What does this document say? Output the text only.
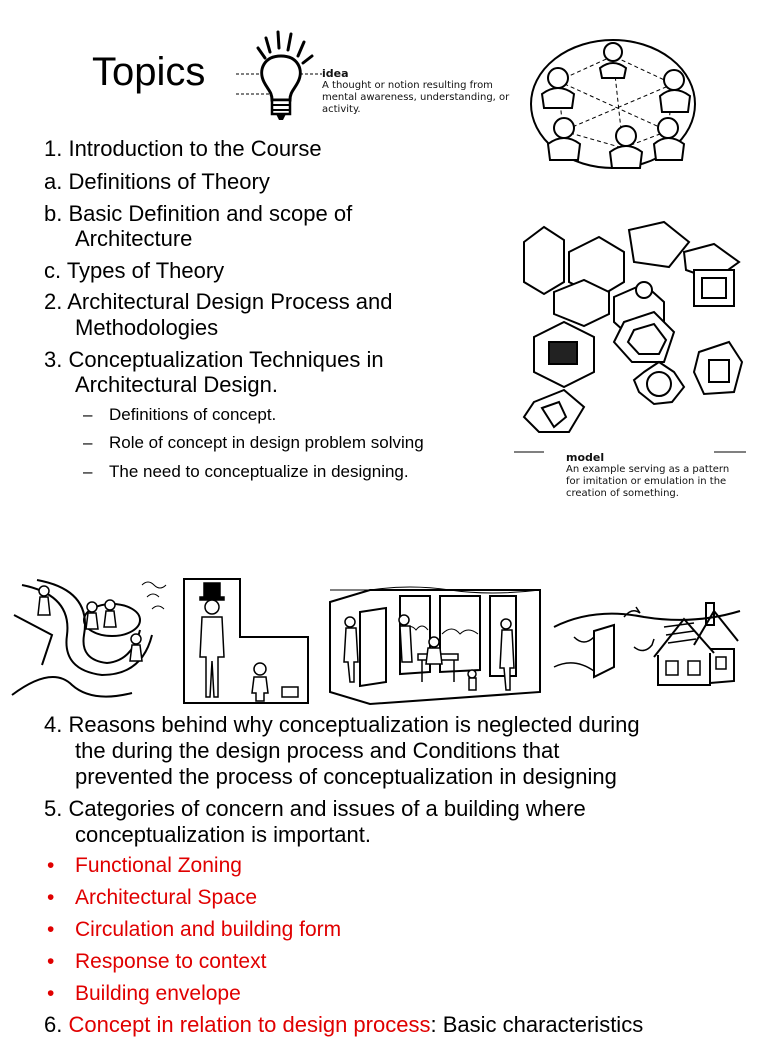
Topics	idea
A thought or notion resulting from
mental awareness, understanding, or
activity.
1. Introduction to the Course
a. Definitions of Theory
b. Basic Definition and scope of
Architecture
c. Types of Theory
2. Architectural Design Process and
Methodologies
3. Conceptualization Techniques in
Architectural Design.
– Definitions of concept.
– Role of concept in design problem solving
– The need to conceptualize in designing.
model
An example serving as a pattern
for imitation or emulation in the
creation of something.
4. Reasons behind why conceptualization is neglected during
the during the design process and Conditions that
prevented the process of conceptualization in designing
5. Categories of concern and issues of a building where
conceptualization is important.
• Functional Zoning
• Architectural Space
• Circulation and building form
• Response to context
• Building envelope
6. Concept in relation to design process: Basic characteristics
